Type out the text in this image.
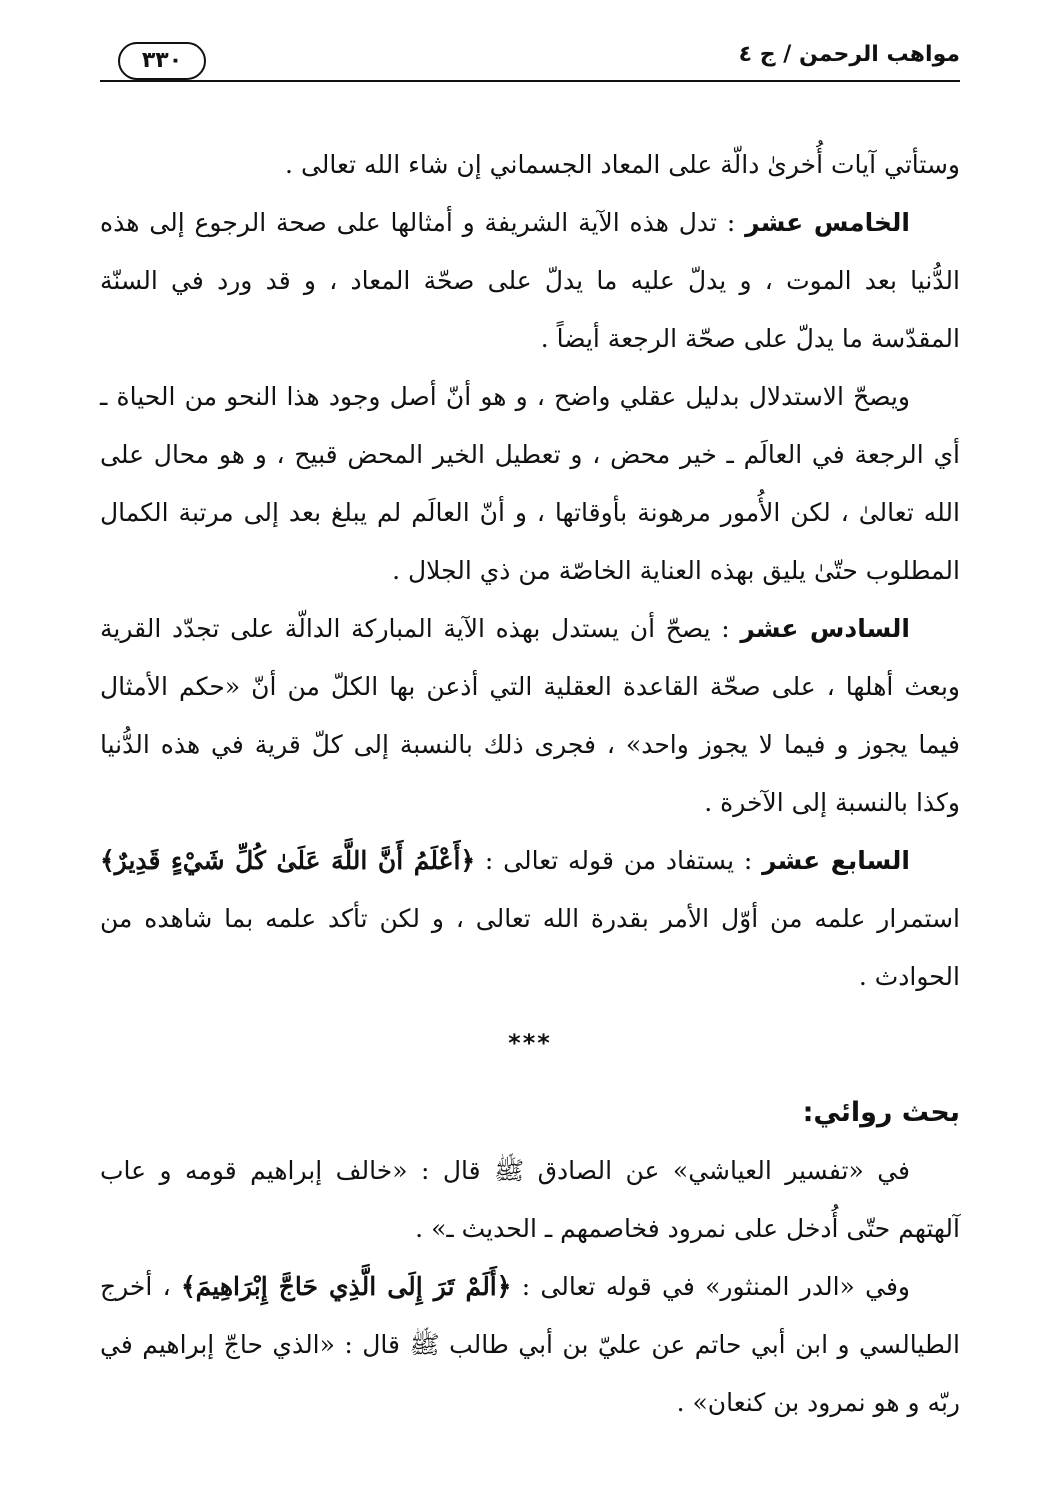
مواهب الرحمن / ج ٤
٣٣٠

وستأتي آيات أُخرىٰ دالّة على المعاد الجسماني إن شاء الله تعالى .

الخامس عشر : تدل هذه الآية الشريفة و أمثالها على صحة الرجوع إلى هذه الدُّنيا بعد الموت ، و يدلّ عليه ما يدلّ على صحّة المعاد ، و قد ورد في السنّة المقدّسة ما يدلّ على صحّة الرجعة أيضاً .

ويصحّ الاستدلال بدليل عقلي واضح ، و هو أنّ أصل وجود هذا النحو من الحياة ـ أي الرجعة في العالَم ـ خير محض ، و تعطيل الخير المحض قبيح ، و هو محال على الله تعالىٰ ، لكن الأُمور مرهونة بأوقاتها ، و أنّ العالَم لم يبلغ بعد إلى مرتبة الكمال المطلوب حتّىٰ يليق بهذه العناية الخاصّة من ذي الجلال .

السادس عشر : يصحّ أن يستدل بهذه الآية المباركة الدالّة على تجدّد القرية وبعث أهلها ، على صحّة القاعدة العقلية التي أذعن بها الكلّ من أنّ «حكم الأمثال فيما يجوز و فيما لا يجوز واحد» ، فجرى ذلك بالنسبة إلى كلّ قرية في هذه الدُّنيا وكذا بالنسبة إلى الآخرة .

السابع عشر : يستفاد من قوله تعالى : ﴿أَعْلَمُ أَنَّ اللَّهَ عَلَىٰ كُلِّ شَيْءٍ قَدِيرٌ﴾ استمرار علمه من أوّل الأمر بقدرة الله تعالى ، و لكن تأكد علمه بما شاهده من الحوادث .

***

بحث روائي:

في «تفسير العياشي» عن الصادق ﷺ قال : «خالف إبراهيم قومه و عاب آلهتهم حتّى أُدخل على نمرود فخاصمهم ـ الحديث ـ» .

وفي «الدر المنثور» في قوله تعالى : ﴿أَلَمْ تَرَ إِلَى الَّذِي حَاجَّ إِبْرَاهِيمَ﴾ ، أخرج الطيالسي و ابن أبي حاتم عن عليّ بن أبي طالب ﷺ قال : «الذي حاجّ إبراهيم في ربّه و هو نمرود بن كنعان» .
